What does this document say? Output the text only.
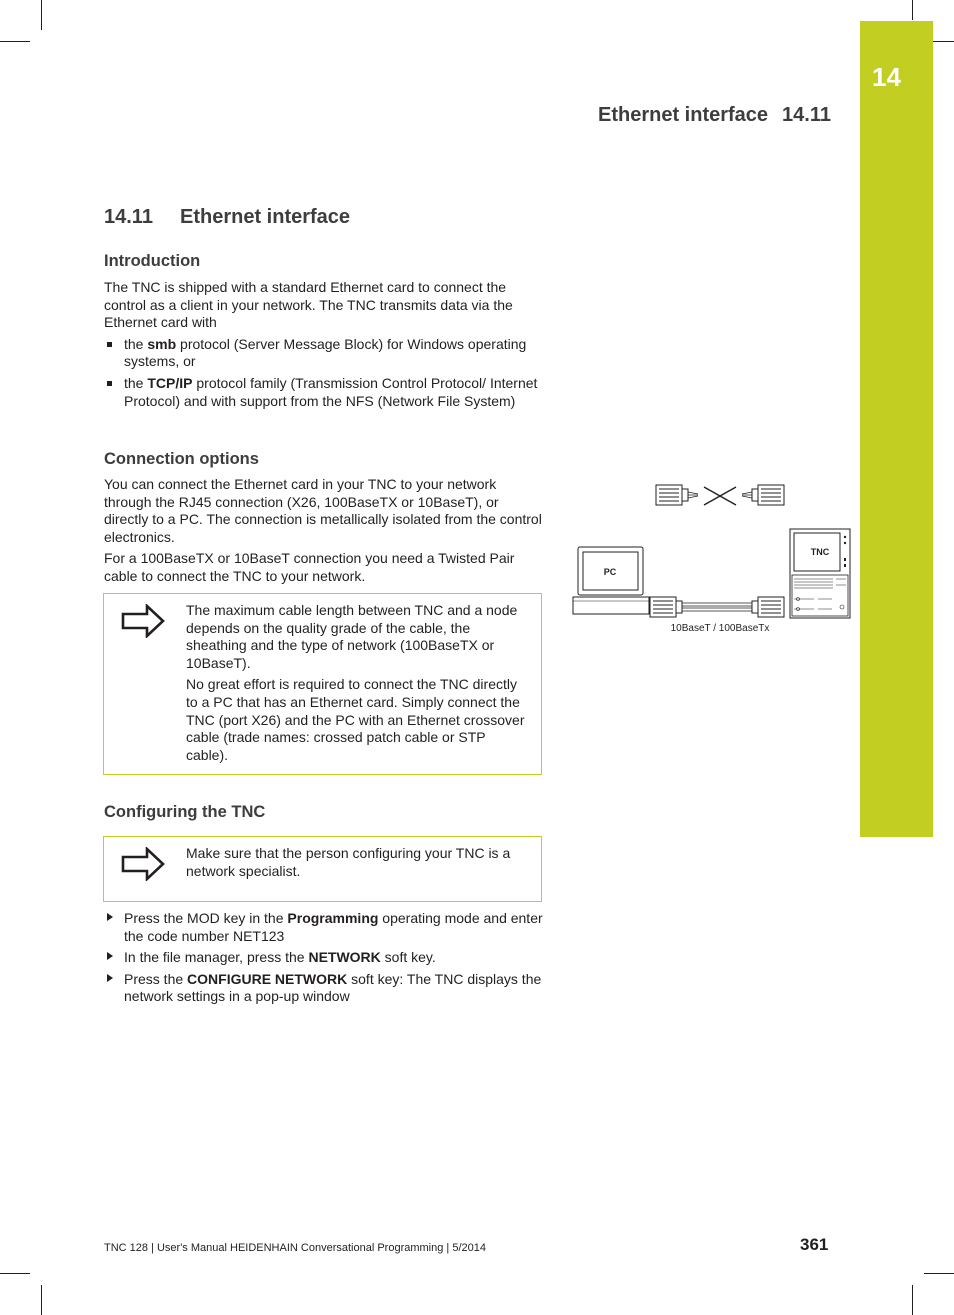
14
Ethernet interface 14.11
14.11 Ethernet interface
Introduction

The TNC is shipped with a standard Ethernet card to connect the control as a client in your network. The TNC transmits data via the Ethernet card with

the smb protocol (Server Message Block) for Windows operating systems, or
the TCP/IP protocol family (Transmission Control Protocol/ Internet Protocol) and with support from the NFS (Network File System)
Connection options

You can connect the Ethernet card in your TNC to your network through the RJ45 connection (X26, 100BaseTX or 10BaseT), or directly to a PC. The connection is metallically isolated from the control electronics.

For a 100BaseTX or 10BaseT connection you need a Twisted Pair cable to connect the TNC to your network.

The maximum cable length between TNC and a node depends on the quality grade of the cable, the sheathing and the type of network (100BaseTX or 10BaseT).

No great effort is required to connect the TNC directly to a PC that has an Ethernet card. Simply connect the TNC (port X26) and the PC with an Ethernet crossover cable (trade names: crossed patch cable or STP cable).

Configuring the TNC

Make sure that the person configuring your TNC is a network specialist.

Press the MOD key in the Programming operating mode and enter the code number NET123
In the file manager, press the NETWORK soft key.
Press the CONFIGURE NETWORK soft key: The TNC displays the network settings in a pop-up window
PC
TNC
10BaseT / 100BaseTx
TNC 128 | User's Manual HEIDENHAIN Conversational Programming | 5/2014	361
